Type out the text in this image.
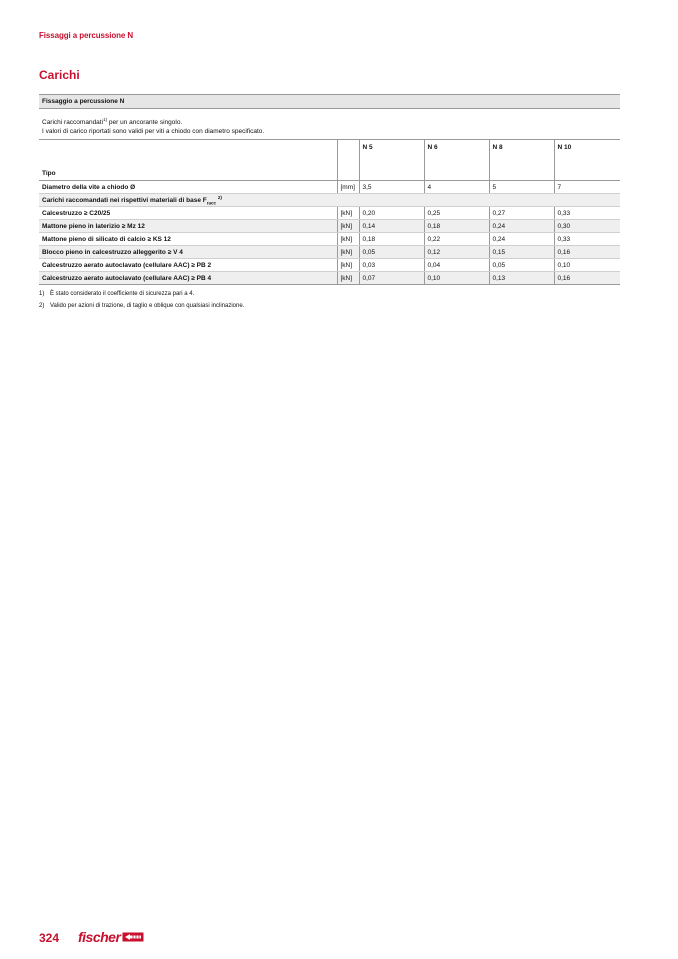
Fissaggi a percussione N
Carichi
Fissaggio a percussione N
Carichi raccomandati$^{1)}$ per un ancorante singolo.
I valori di carico riportati sono validi per viti a chiodo con diametro specificato.
Tipo		N 5	N 6	N 8	N 10
Diametro della vite a chiodo Ø	[mm]	3,5	4	5	7
Carichi raccomandati nei rispettivi materiali di base $F_{racc}$ $^{2)}$
Calcestruzzo ≥ C20/25	[kN]	0,20	0,25	0,27	0,33
Mattone pieno in laterizio ≥ Mz 12	[kN]	0,14	0,18	0,24	0,30
Mattone pieno di silicato di calcio ≥ KS 12	[kN]	0,18	0,22	0,24	0,33
Blocco pieno in calcestruzzo alleggerito ≥ V 4	[kN]	0,05	0,12	0,15	0,16
Calcestruzzo aerato autoclavato (cellulare AAC) ≥ PB 2	[kN]	0,03	0,04	0,05	0,10
Calcestruzzo aerato autoclavato (cellulare AAC) ≥ PB 4	[kN]	0,07	0,10	0,13	0,16
1) È stato considerato il coefficiente di sicurezza pari a 4.
2) Valido per azioni di trazione, di taglio e oblique con qualsiasi inclinazione.
324 fischer
